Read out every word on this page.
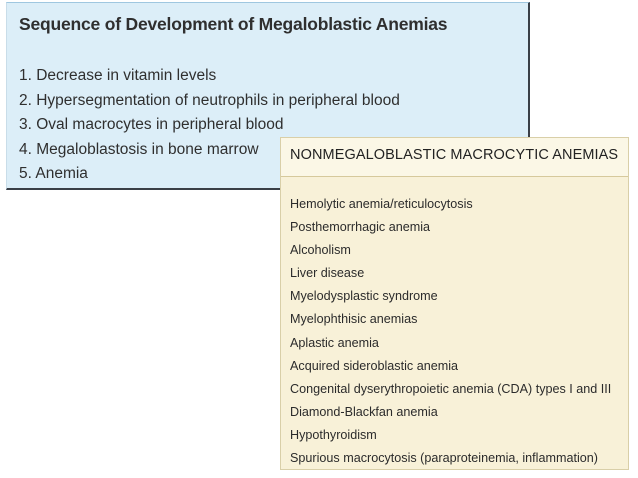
Sequence of Development of Megaloblastic Anemias
1. Decrease in vitamin levels
2. Hypersegmentation of neutrophils in peripheral blood
3. Oval macrocytes in peripheral blood
4. Megaloblastosis in bone marrow
5. Anemia
NONMEGALOBLASTIC MACROCYTIC ANEMIAS
Hemolytic anemia/reticulocytosis
Posthemorrhagic anemia
Alcoholism
Liver disease
Myelodysplastic syndrome
Myelophthisic anemias
Aplastic anemia
Acquired sideroblastic anemia
Congenital dyserythropoietic anemia (CDA) types I and III
Diamond-Blackfan anemia
Hypothyroidism
Spurious macrocytosis (paraproteinemia, inflammation)
